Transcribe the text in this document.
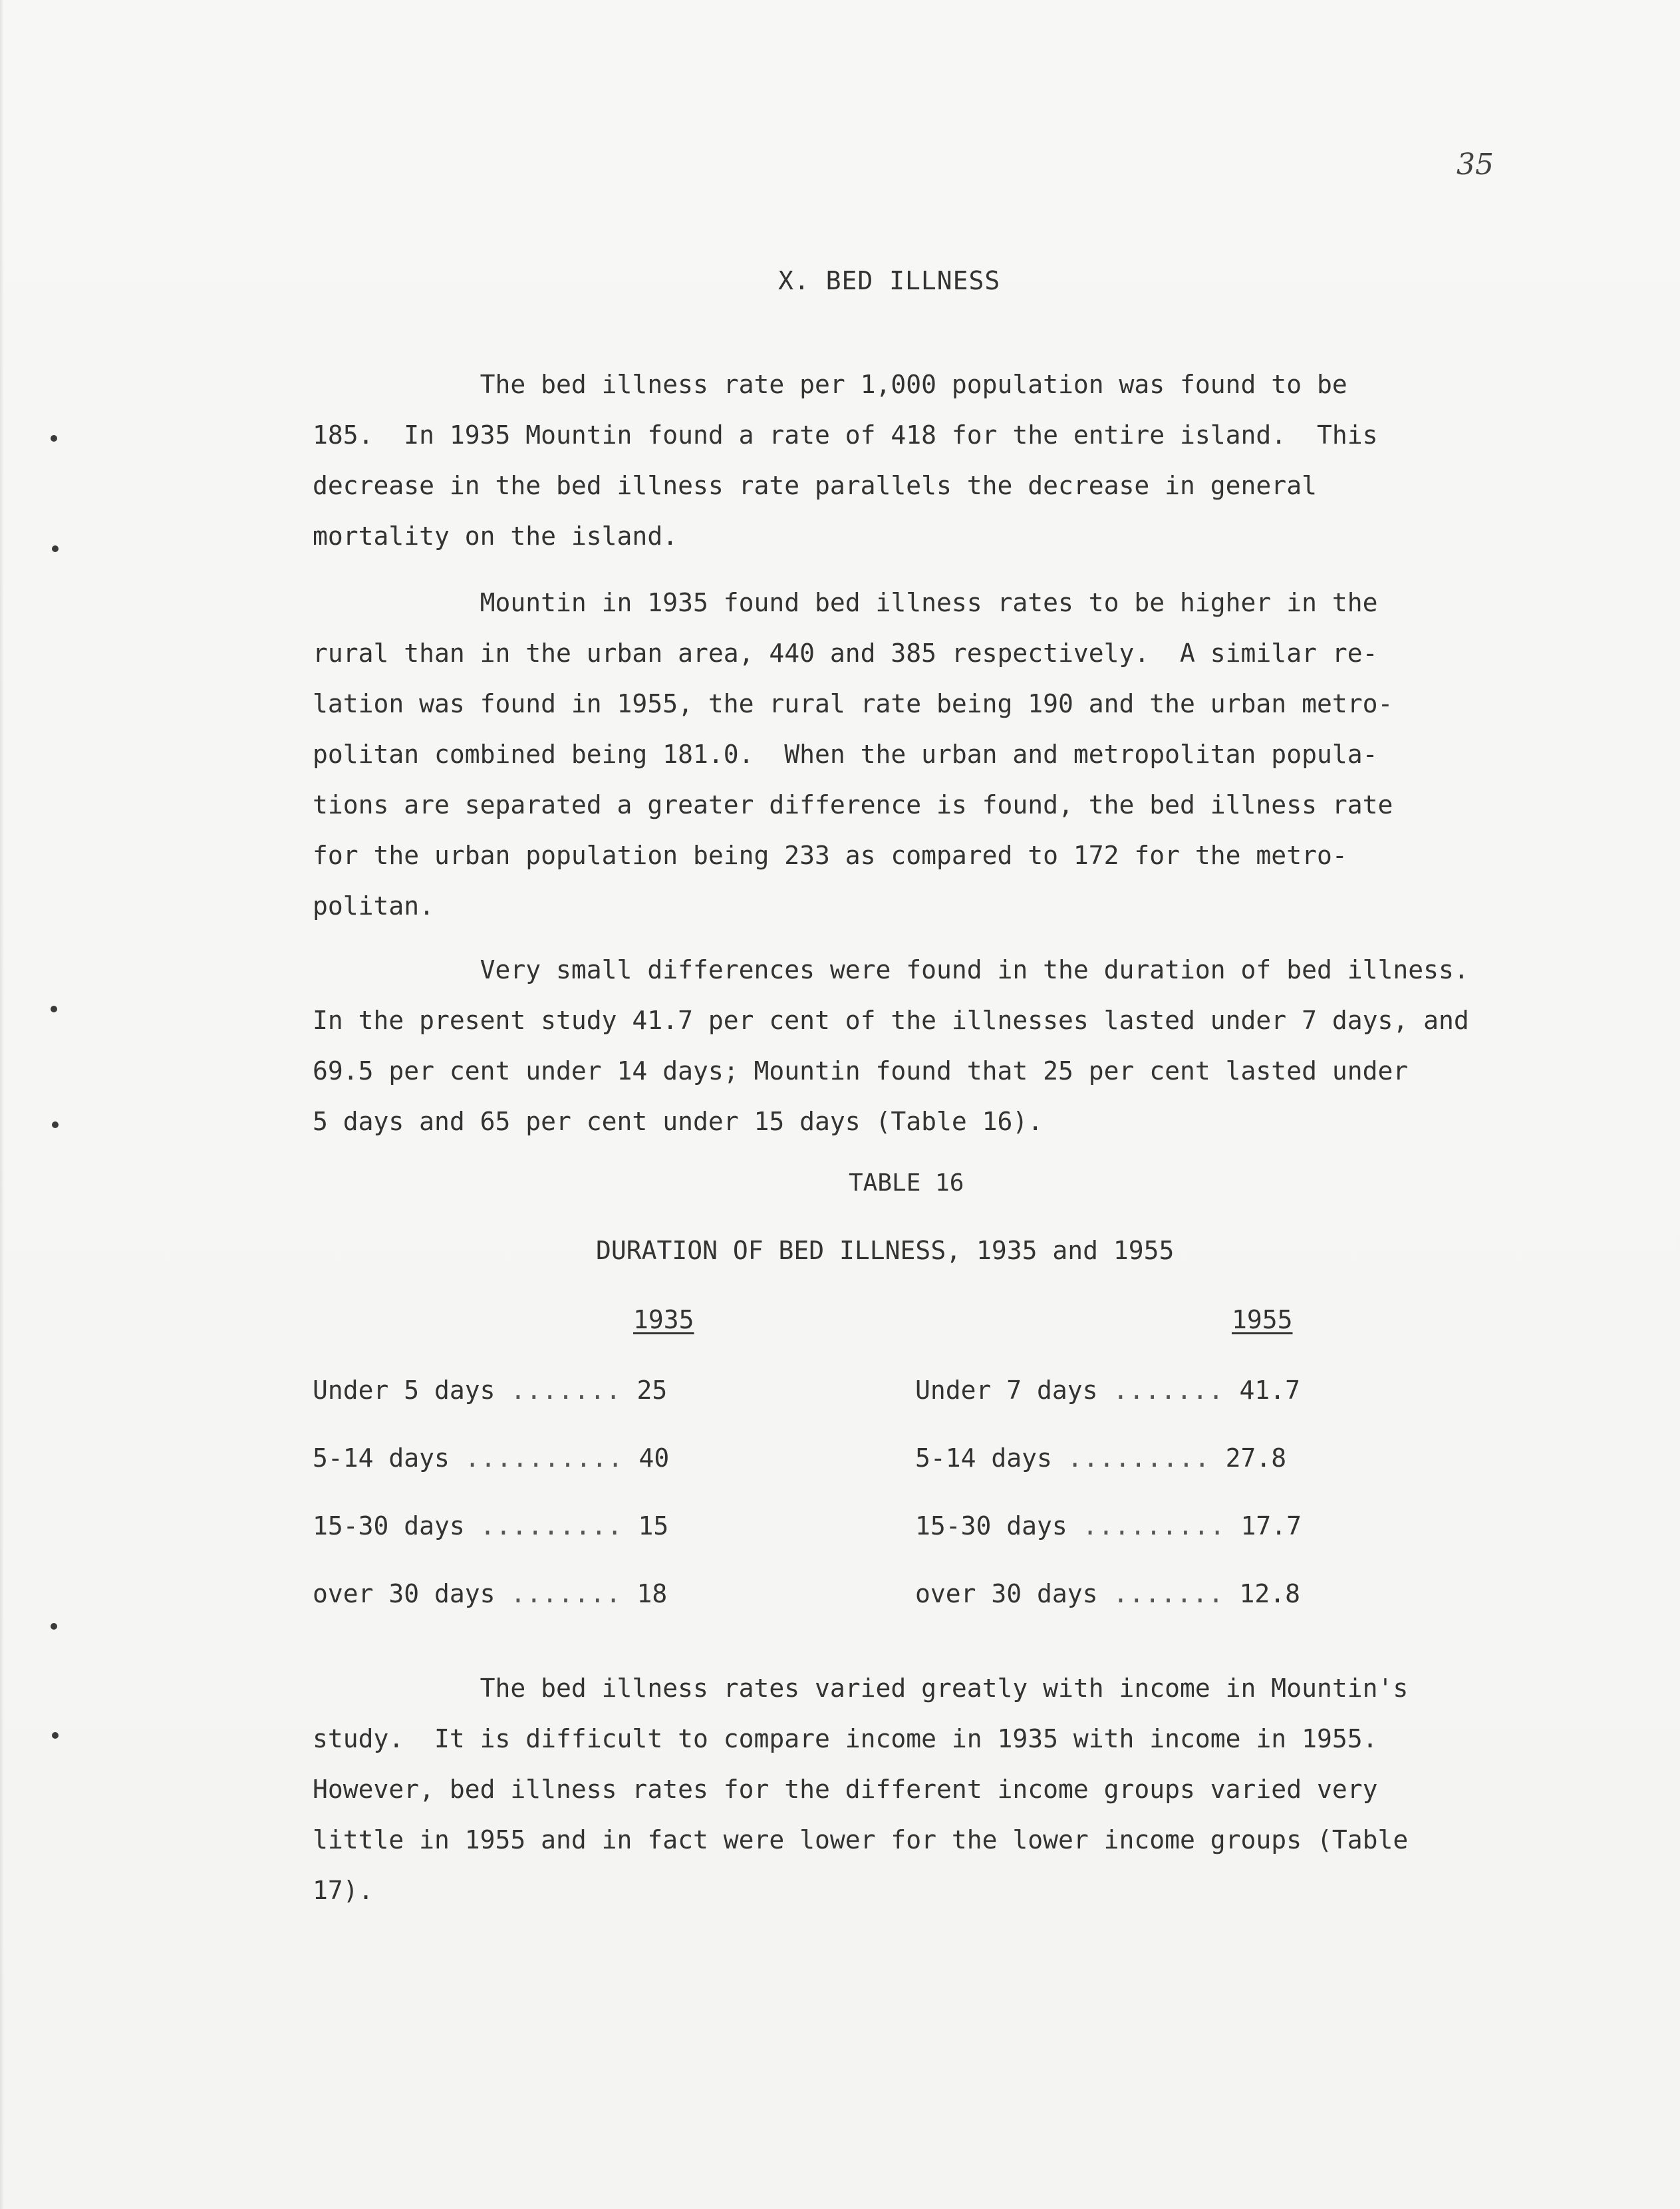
35
X. BED ILLNESS
The bed illness rate per 1,000 population was found to be
185.  In 1935 Mountin found a rate of 418 for the entire island.  This
decrease in the bed illness rate parallels the decrease in general
mortality on the island.
Mountin in 1935 found bed illness rates to be higher in the
rural than in the urban area, 440 and 385 respectively.  A similar re-
lation was found in 1955, the rural rate being 190 and the urban metro-
politan combined being 181.0.  When the urban and metropolitan popula-
tions are separated a greater difference is found, the bed illness rate
for the urban population being 233 as compared to 172 for the metro-
politan.
Very small differences were found in the duration of bed illness.
In the present study 41.7 per cent of the illnesses lasted under 7 days, and
69.5 per cent under 14 days; Mountin found that 25 per cent lasted under
5 days and 65 per cent under 15 days (Table 16).
TABLE 16
DURATION OF BED ILLNESS, 1935 and 1955
1935	1955
Under 5 days ....... 25
5-14 days .......... 40
15-30 days ......... 15
over 30 days ....... 18
Under 7 days ....... 41.7
5-14 days ......... 27.8
15-30 days ......... 17.7
over 30 days ....... 12.8
The bed illness rates varied greatly with income in Mountin's
study.  It is difficult to compare income in 1935 with income in 1955.
However, bed illness rates for the different income groups varied very
little in 1955 and in fact were lower for the lower income groups (Table
17).
